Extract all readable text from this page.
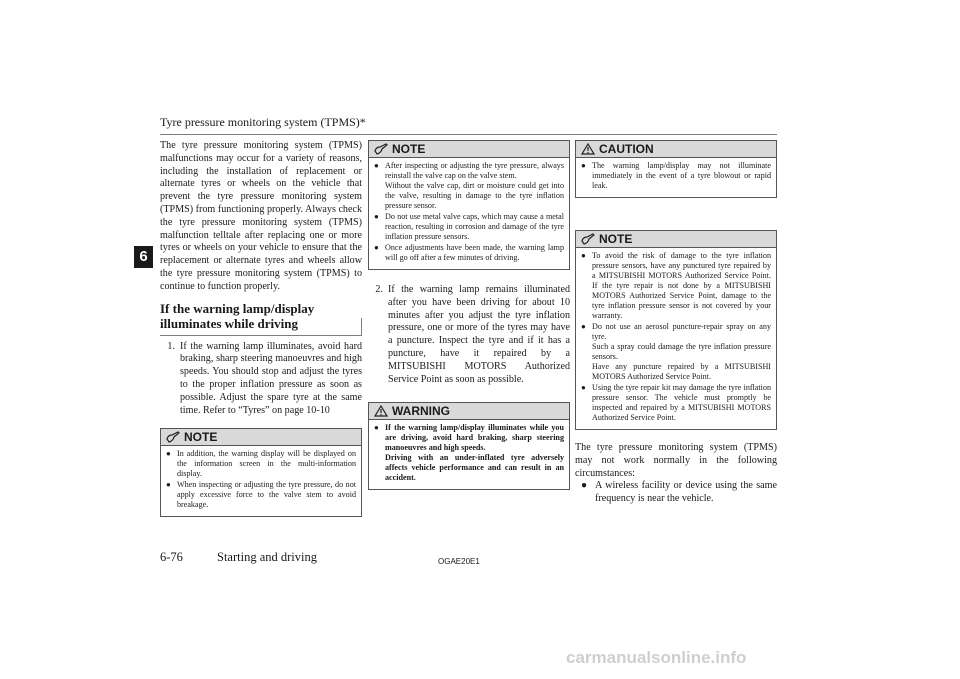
Tyre pressure monitoring system (TPMS)*
6

The tyre pressure monitoring system (TPMS) malfunctions may occur for a variety of reasons, including the installation of replacement or alternate tyres or wheels on the vehicle that prevent the tyre pressure monitoring system (TPMS) from functioning properly. Always check the tyre pressure monitoring system (TPMS) malfunction telltale after replacing one or more tyres or wheels on your vehicle to ensure that the replacement or alternate tyres and wheels allow the tyre pressure monitoring system (TPMS) to continue to function properly.

If the warning lamp/display illuminates while driving
1. If the warning lamp illuminates, avoid hard braking, sharp steering manoeuvres and high speeds. You should stop and adjust the tyres to the proper inflation pressure as soon as possible. Adjust the spare tyre at the same time. Refer to “Tyres” on page 10-10
NOTE
● In addition, the warning display will be displayed on the information screen in the multi-information display.
● When inspecting or adjusting the tyre pressure, do not apply excessive force to the valve stem to avoid breakage.
NOTE
● After inspecting or adjusting the tyre pressure, always reinstall the valve cap on the valve stem.

Without the valve cap, dirt or moisture could get into the valve, resulting in damage to the tyre inflation pressure sensor.

● Do not use metal valve caps, which may cause a metal reaction, resulting in corrosion and damage of the tyre inflation pressure sensors.
● Once adjustments have been made, the warning lamp will go off after a few minutes of driving.
2. If the warning lamp remains illuminated after you have been driving for about 10 minutes after you adjust the tyre inflation pressure, one or more of the tyres may have a puncture. Inspect the tyre and if it has a puncture, have it repaired by a MITSUBISHI MOTORS Authorized Service Point as soon as possible.
WARNING
● If the warning lamp/display illuminates while you are driving, avoid hard braking, sharp steering manoeuvres and high speeds.

Driving with an under-inflated tyre adversely affects vehicle performance and can result in an accident.

CAUTION
● The warning lamp/display may not illuminate immediately in the event of a tyre blowout or rapid leak.
NOTE
● To avoid the risk of damage to the tyre inflation pressure sensors, have any punctured tyre repaired by a MITSUBISHI MOTORS Authorized Service Point. If the tyre repair is not done by a MITSUBISHI MOTORS Authorized Service Point, damage to the tyre inflation pressure sensor is not covered by your warranty.
● Do not use an aerosol puncture-repair spray on any tyre.

Such a spray could damage the tyre inflation pressure sensors.

Have any puncture repaired by a MITSUBISHI MOTORS Authorized Service Point.

● Using the tyre repair kit may damage the tyre inflation pressure sensor. The vehicle must promptly be inspected and repaired by a MITSUBISHI MOTORS Authorized Service Point.

The tyre pressure monitoring system (TPMS) may not work normally in the following circumstances:

● A wireless facility or device using the same frequency is near the vehicle.
6-76	Starting and driving	OGAE20E1
carmanualsonline.info
